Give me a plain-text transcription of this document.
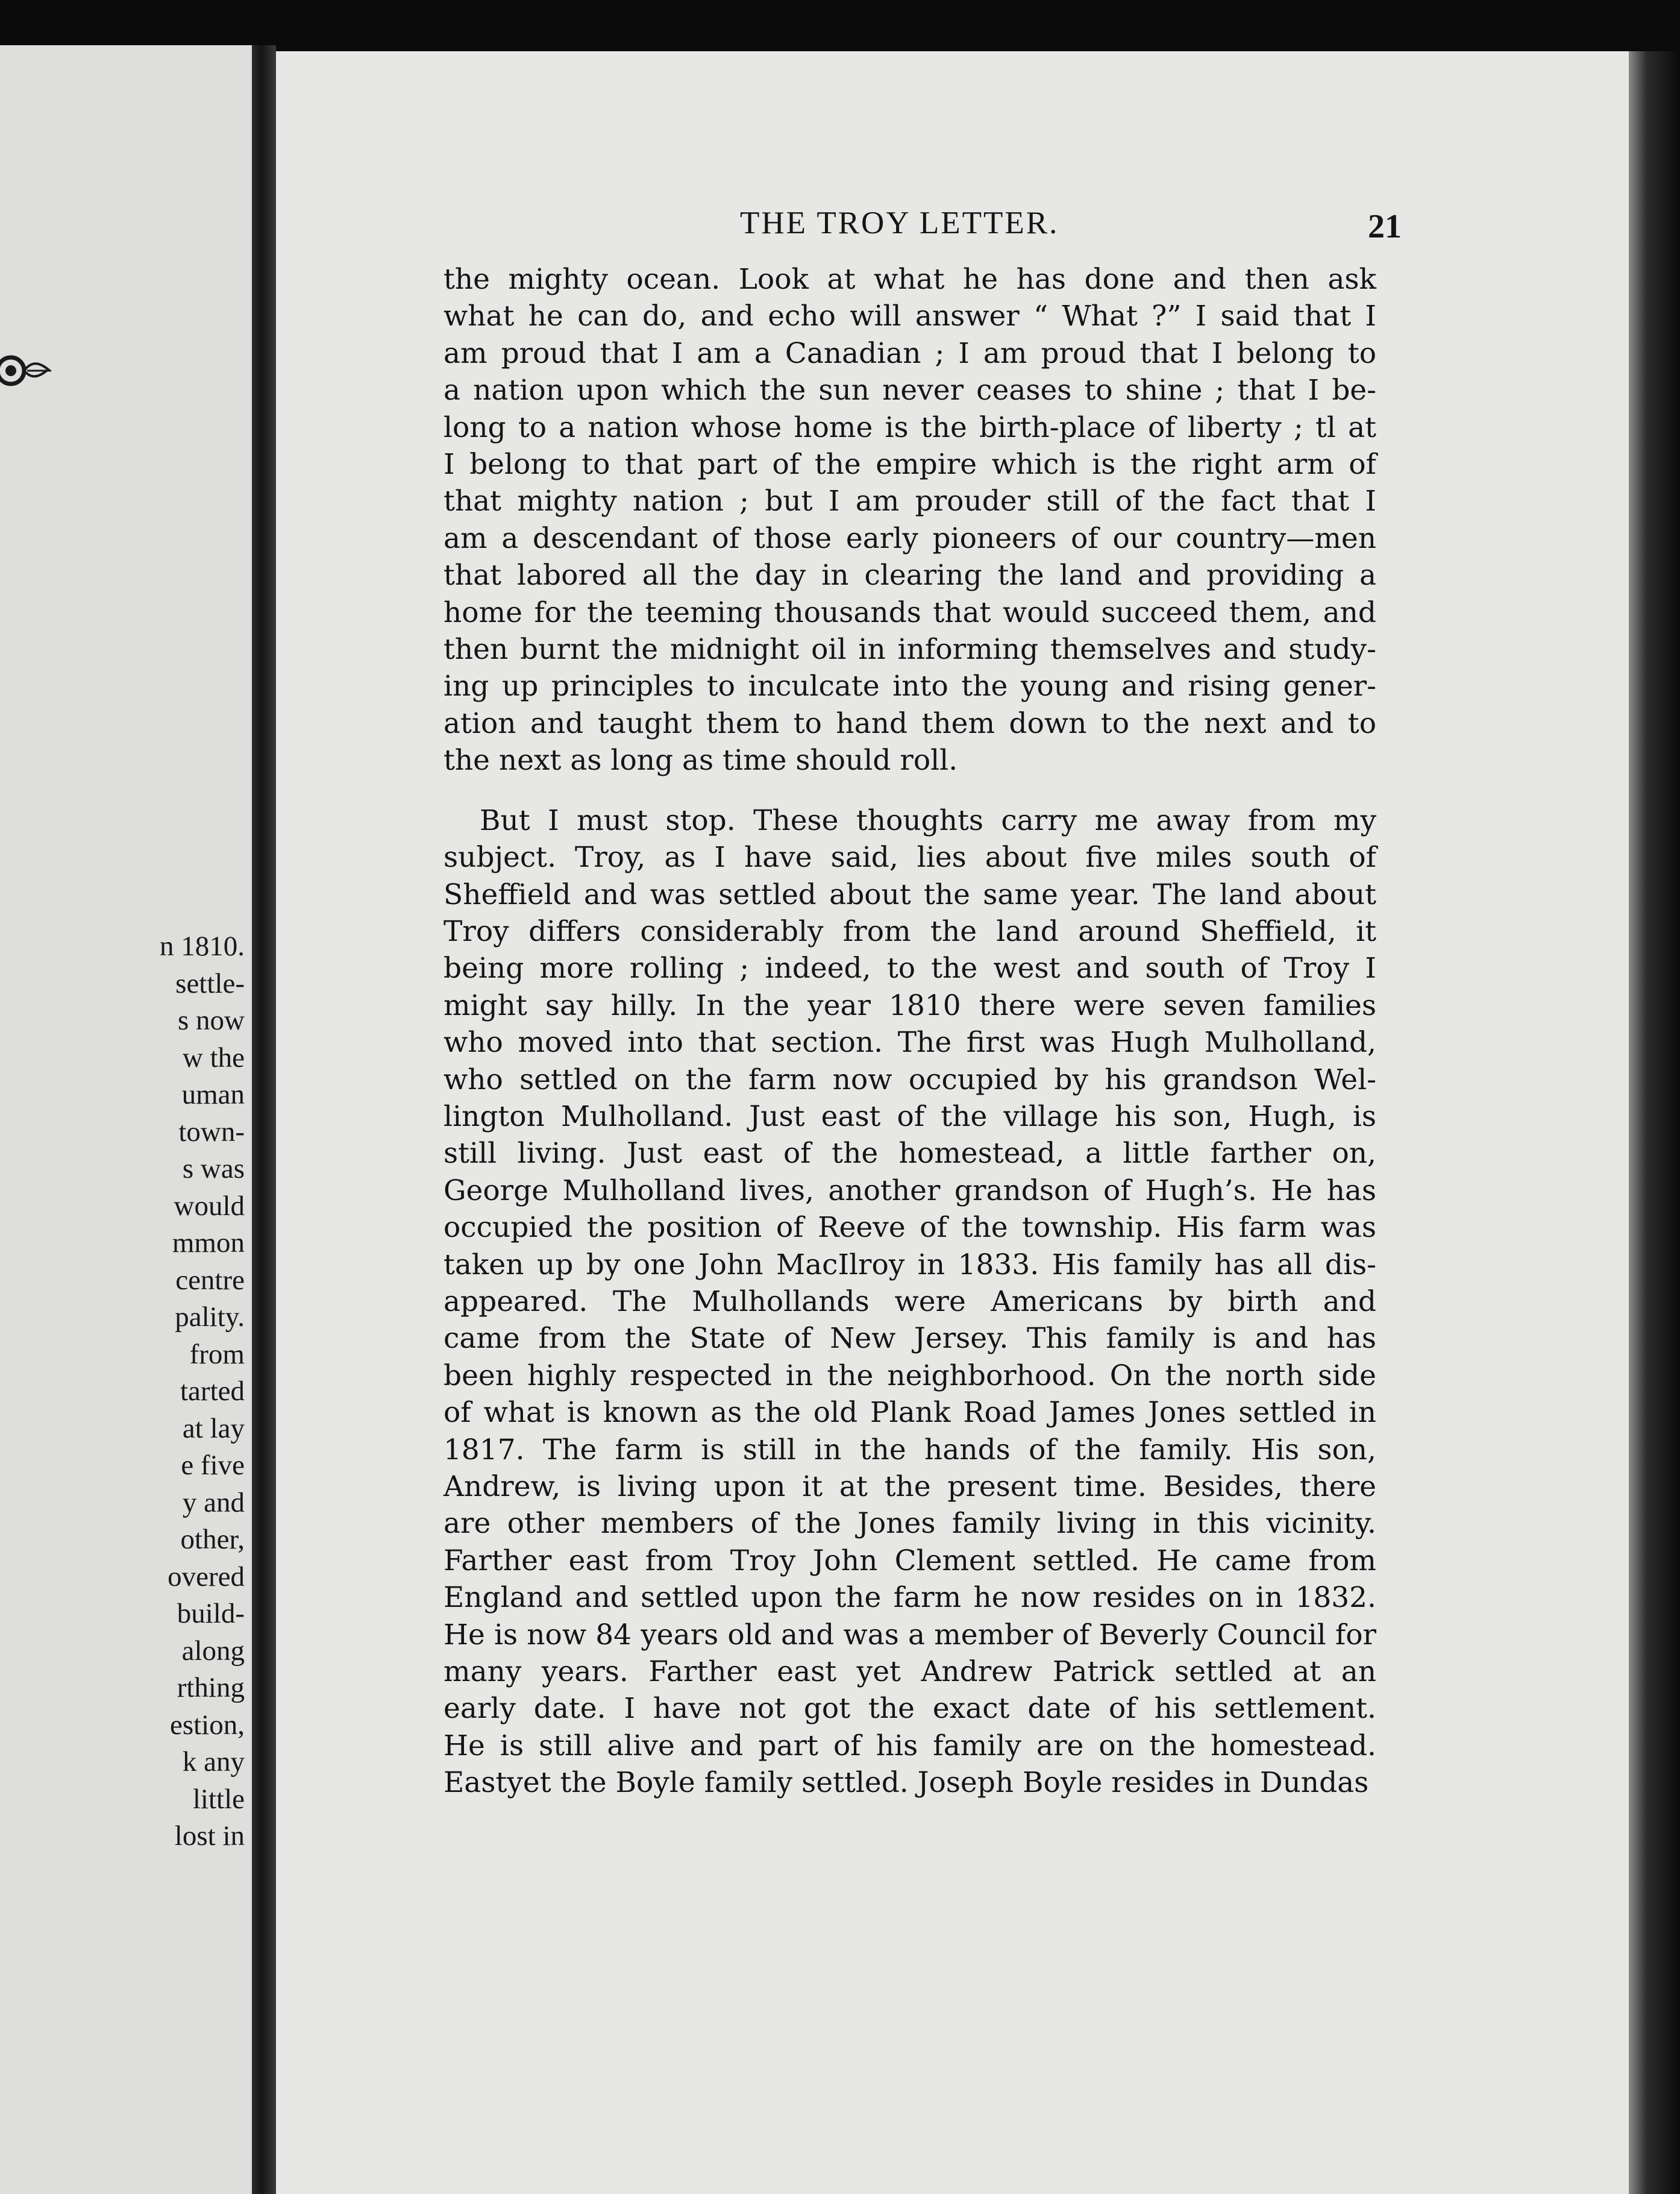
n 1810.
settle-
s now
w the
uman
town-
s was
would
mmon
centre
pality.
from
tarted
at lay
e five
y and
other,
overed
build-
along
rthing
estion,
k any
little
lost in
THE TROY LETTER.	21
the mighty ocean. Look at what he has done and then ask
what he can do, and echo will answer “ What ?” I said that I
am proud that I am a Canadian ; I am proud that I belong to
a nation upon which the sun never ceases to shine ; that I be-
long to a nation whose home is the birth-place of liberty ; tl at
I belong to that part of the empire which is the right arm of
that mighty nation ; but I am prouder still of the fact that I
am a descendant of those early pioneers of our country—men
that labored all the day in clearing the land and providing a
home for the teeming thousands that would succeed them, and
then burnt the midnight oil in informing themselves and study-
ing up principles to inculcate into the young and rising gener-
ation and taught them to hand them down to the next and to
the next as long as time should roll.
But I must stop. These thoughts carry me away from my
subject. Troy, as I have said, lies about five miles south of
Sheffield and was settled about the same year. The land about
Troy differs considerably from the land around Sheffield, it
being more rolling ; indeed, to the west and south of Troy I
might say hilly. In the year 1810 there were seven families
who moved into that section. The first was Hugh Mulholland,
who settled on the farm now occupied by his grandson Wel-
lington Mulholland. Just east of the village his son, Hugh, is
still living. Just east of the homestead, a little farther on,
George Mulholland lives, another grandson of Hugh’s. He has
occupied the position of Reeve of the township. His farm was
taken up by one John MacIlroy in 1833. His family has all dis-
appeared. The Mulhollands were Americans by birth and
came from the State of New Jersey. This family is and has
been highly respected in the neighborhood. On the north side
of what is known as the old Plank Road James Jones settled in
1817. The farm is still in the hands of the family. His son,
Andrew, is living upon it at the present time. Besides, there
are other members of the Jones family living in this vicinity.
Farther east from Troy John Clement settled. He came from
England and settled upon the farm he now resides on in 1832.
He is now 84 years old and was a member of Beverly Council for
many years. Farther east yet Andrew Patrick settled at an
early date. I have not got the exact date of his settlement.
He is still alive and part of his family are on the homestead.
Eastyet the Boyle family settled. Joseph Boyle resides in Dundas
